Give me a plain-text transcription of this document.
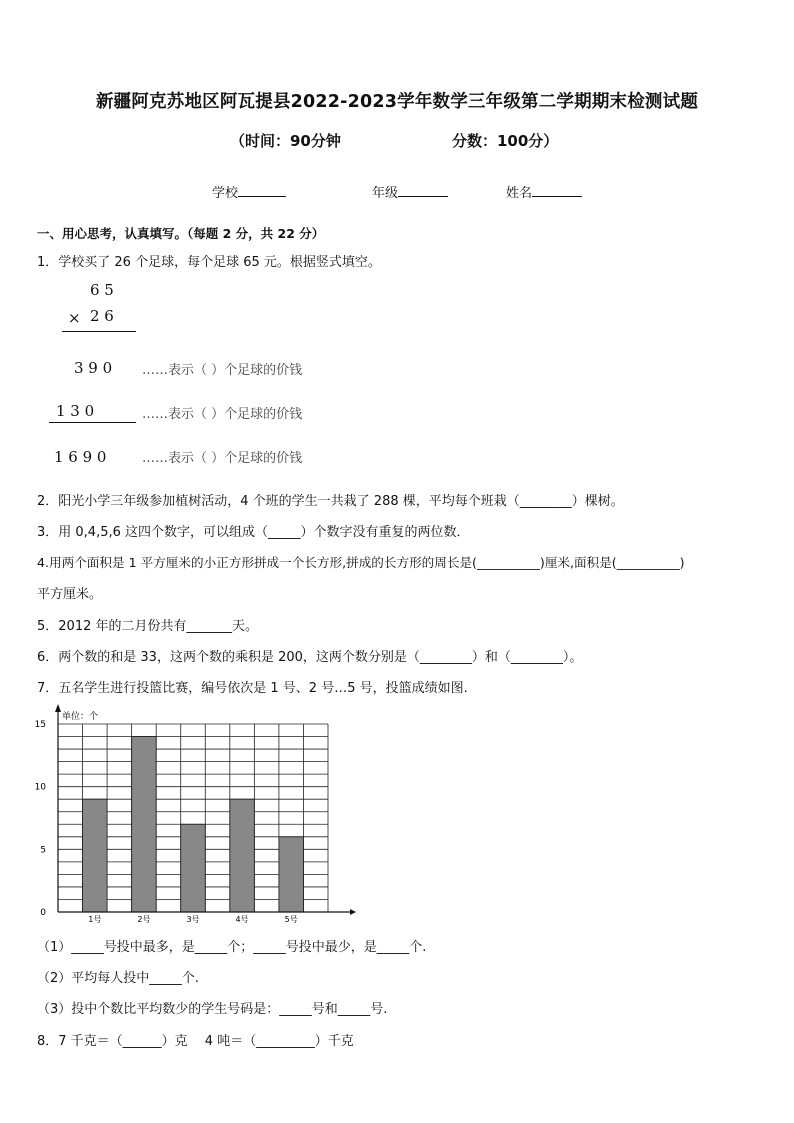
新疆阿克苏地区阿瓦提县2022-2023学年数学三年级第二学期期末检测试题
（时间：90分钟	分数：100分）
学校	年级	姓名
一、用心思考，认真填写。（每题 2 分，共 22 分）
1．学校买了 26 个足球，每个足球 65 元。根据竖式填空。
6 5
× 2 6
3 9 0 ……表示（ ）个足球的价钱
1 3 0	……表示（ ）个足球的价钱
1 6 9 0	……表示（ ）个足球的价钱
2．阳光小学三年级参加植树活动，4 个班的学生一共栽了 288 棵，平均每个班栽（________）棵树。
3．用 0,4,5,6 这四个数字，可以组成（_____）个数字没有重复的两位数．
4.用两个面积是 1 平方厘米的小正方形拼成一个长方形,拼成的长方形的周长是(__________)厘米,面积是(__________)
平方厘米。
5．2012 年的二月份共有_______天。
6．两个数的和是 33，这两个数的乘积是 200，这两个数分别是（________）和（________）。
7．五名学生进行投篮比赛，编号依次是 1 号、2 号…5 号，投篮成绩如图.
1号	2号	3号	4号	5号
0
5
10
15
单位：个
（1）_____号投中最多，是_____个；_____号投中最少，是_____个.
（2）平均每人投中_____个.
（3）投中个数比平均数少的学生号码是：_____号和_____号.
8．7 千克＝（______）克　 4 吨＝（_________）千克
